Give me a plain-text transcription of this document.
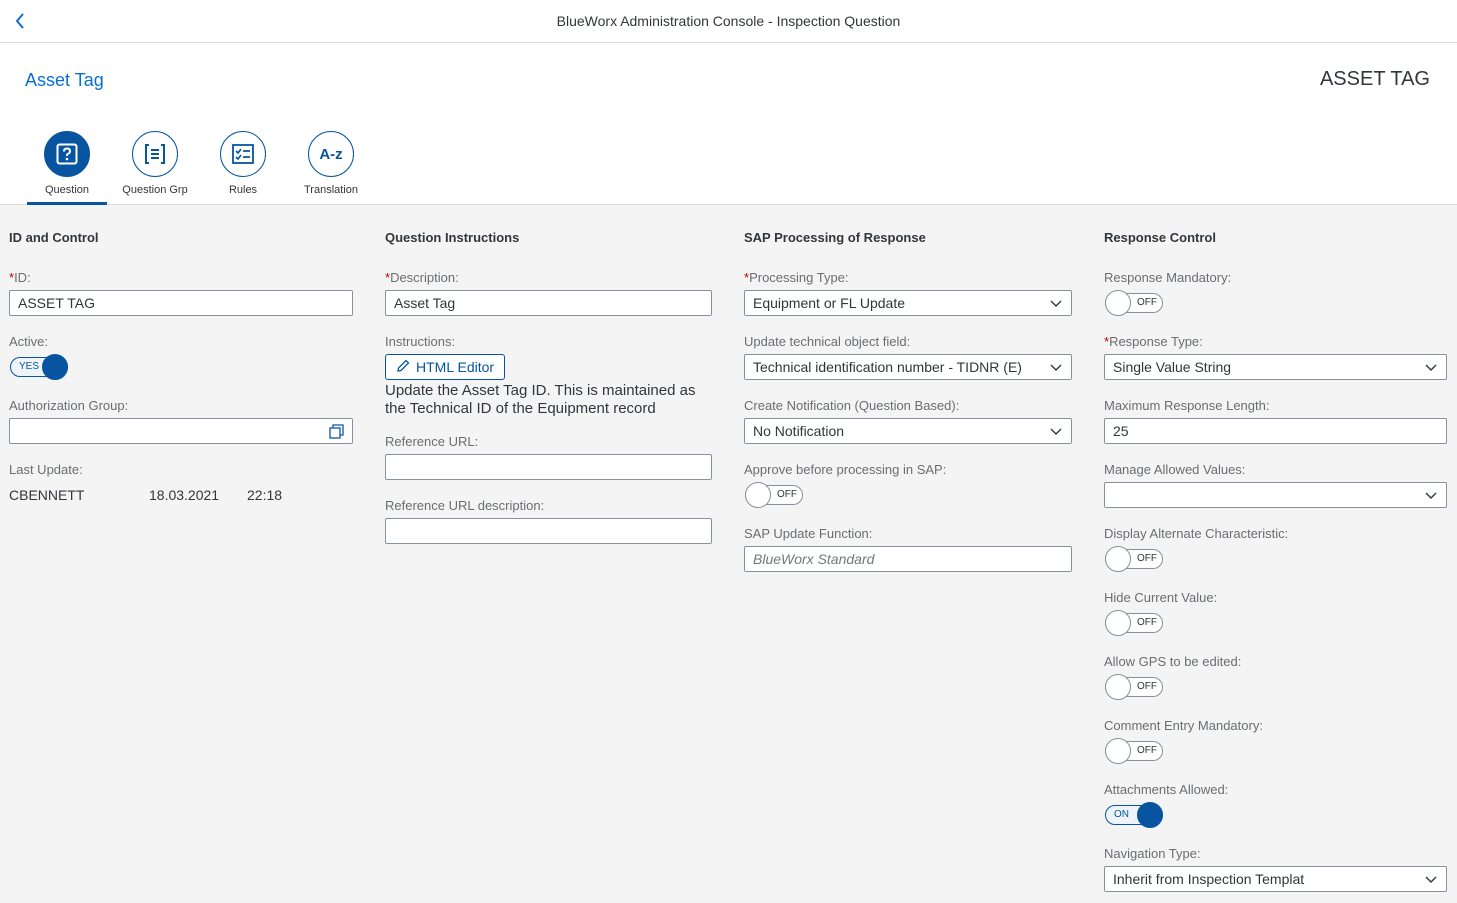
BlueWorx Administration Console - Inspection Question
Asset Tag	ASSET TAG
Question	Question Grp	Rules
A-z
Translation
ID and Control
*ID:
ASSET TAG
Active:
YES
Authorization Group:
Last Update:
CBENNETT	18.03.2021 22:18
Question Instructions
*Description:
Asset Tag
Instructions:
HTML Editor
Update the Asset Tag ID. This is maintained as the Technical ID of the Equipment record
Reference URL:
Reference URL description:
SAP Processing of Response
*Processing Type:
Equipment or FL Update
Update technical object field:
Technical identification number - TIDNR (E)
Create Notification (Question Based):
No Notification
Approve before processing in SAP:
OFF
SAP Update Function:
BlueWorx Standard
Response Control
Response Mandatory:
OFF
*Response Type:
Single Value String
Maximum Response Length:
25
Manage Allowed Values:
Display Alternate Characteristic:
OFF
Hide Current Value:
OFF
Allow GPS to be edited:
OFF
Comment Entry Mandatory:
OFF
Attachments Allowed:
ON
Navigation Type:
Inherit from Inspection Templat
